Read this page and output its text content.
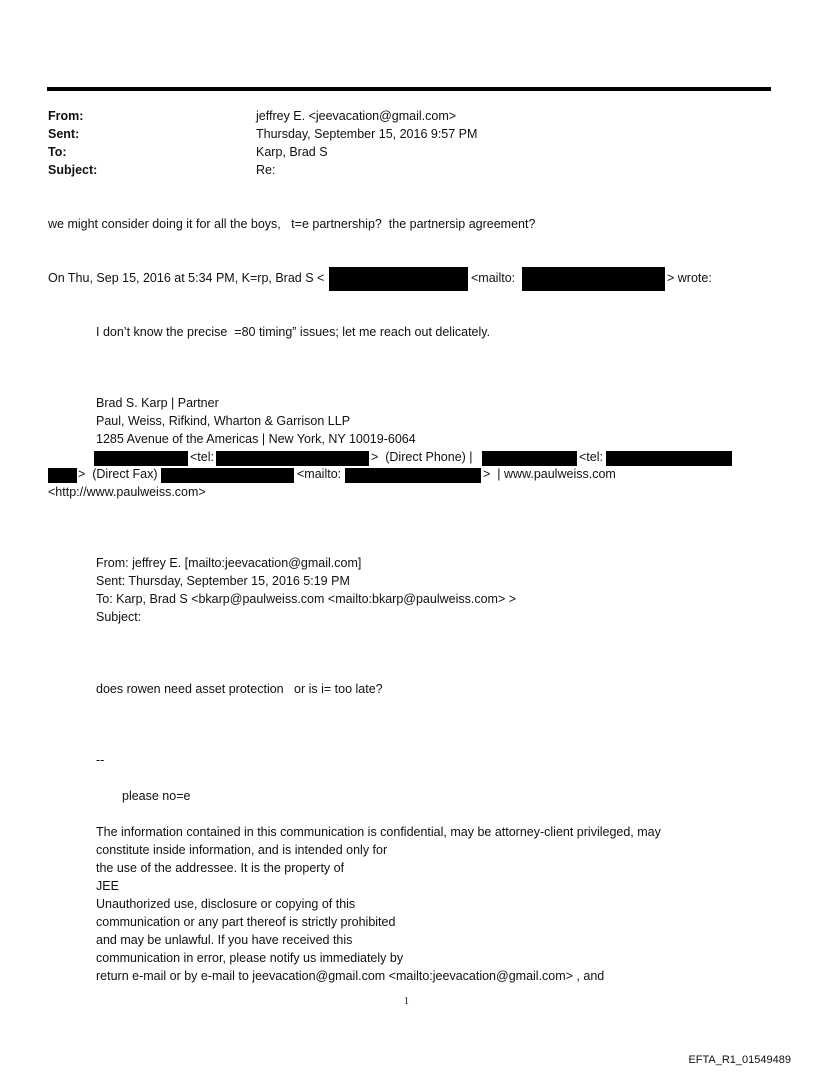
From:	jeffrey E. <jeevacation@gmail.com>
Sent:	Thursday, September 15, 2016 9:57 PM
To:	Karp, Brad S
Subject:	Re:
we might consider doing it for all the boys,   t=e partnership?  the partnersip agreement?
On Thu, Sep 15, 2016 at 5:34 PM, K=rp, Brad S <	<mailto:	> wrote:
I don’t know the precise  =80 timing” issues; let me reach out delicately.
Brad S. Karp | Partner
Paul, Weiss, Rifkind, Wharton & Garrison LLP
1285 Avenue of the Americas | New York, NY 10019-6064
<tel:	>  (Direct Phone) |	<tel:
>  (Direct Fax)	<mailto:	>  | www.paulweiss.com
<http://www.paulweiss.com>
From: jeffrey E. [mailto:jeevacation@gmail.com]
Sent: Thursday, September 15, 2016 5:19 PM
To: Karp, Brad S <bkarp@paulweiss.com <mailto:bkarp@paulweiss.com> >
Subject:
does rowen need asset protection   or is i= too late?
--
please no=e
The information contained in this communication is confidential, may be attorney-client privileged, may
constitute inside information, and is intended only for
the use of the addressee. It is the property of
JEE
Unauthorized use, disclosure or copying of this
communication or any part thereof is strictly prohibited
and may be unlawful. If you have received this
communication in error, please notify us immediately by
return e-mail or by e-mail to jeevacation@gmail.com <mailto:jeevacation@gmail.com> , and
1
EFTA_R1_01549489
